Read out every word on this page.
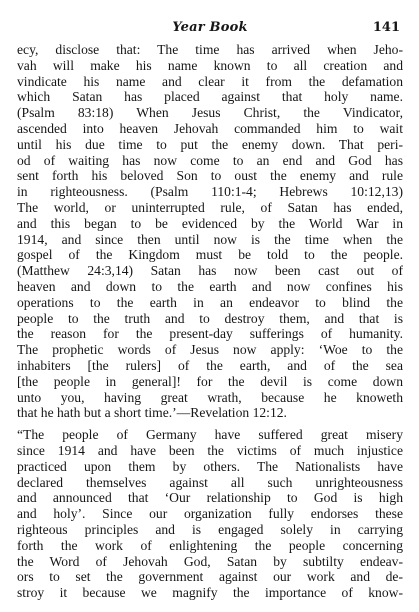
Year Book	141
ecy, disclose that: The time has arrived when Jeho-
vah will make his name known to all creation and
vindicate his name and clear it from the defamation
which Satan has placed against that holy name.
(Psalm 83:18) When Jesus Christ, the Vindicator,
ascended into heaven Jehovah commanded him to wait
until his due time to put the enemy down. That peri-
od of waiting has now come to an end and God has
sent forth his beloved Son to oust the enemy and rule
in righteousness. (Psalm 110:1-4; Hebrews 10:12,13)
The world, or uninterrupted rule, of Satan has ended,
and this began to be evidenced by the World War in
1914, and since then until now is the time when the
gospel of the Kingdom must be told to the people.
(Matthew 24:3,14) Satan has now been cast out of
heaven and down to the earth and now confines his
operations to the earth in an endeavor to blind the
people to the truth and to destroy them, and that is
the reason for the present-day sufferings of humanity.
The prophetic words of Jesus now apply: ‘Woe to the
inhabiters [the rulers] of the earth, and of the sea
[the people in general]! for the devil is come down
unto you, having great wrath, because he knoweth
that he hath but a short time.’—Revelation 12:12.
“The people of Germany have suffered great misery
since 1914 and have been the victims of much injustice
practiced upon them by others. The Nationalists have
declared themselves against all such unrighteousness
and announced that ‘Our relationship to God is high
and holy’. Since our organization fully endorses these
righteous principles and is engaged solely in carrying
forth the work of enlightening the people concerning
the Word of Jehovah God, Satan by subtilty endeav-
ors to set the government against our work and de-
stroy it because we magnify the importance of know-
